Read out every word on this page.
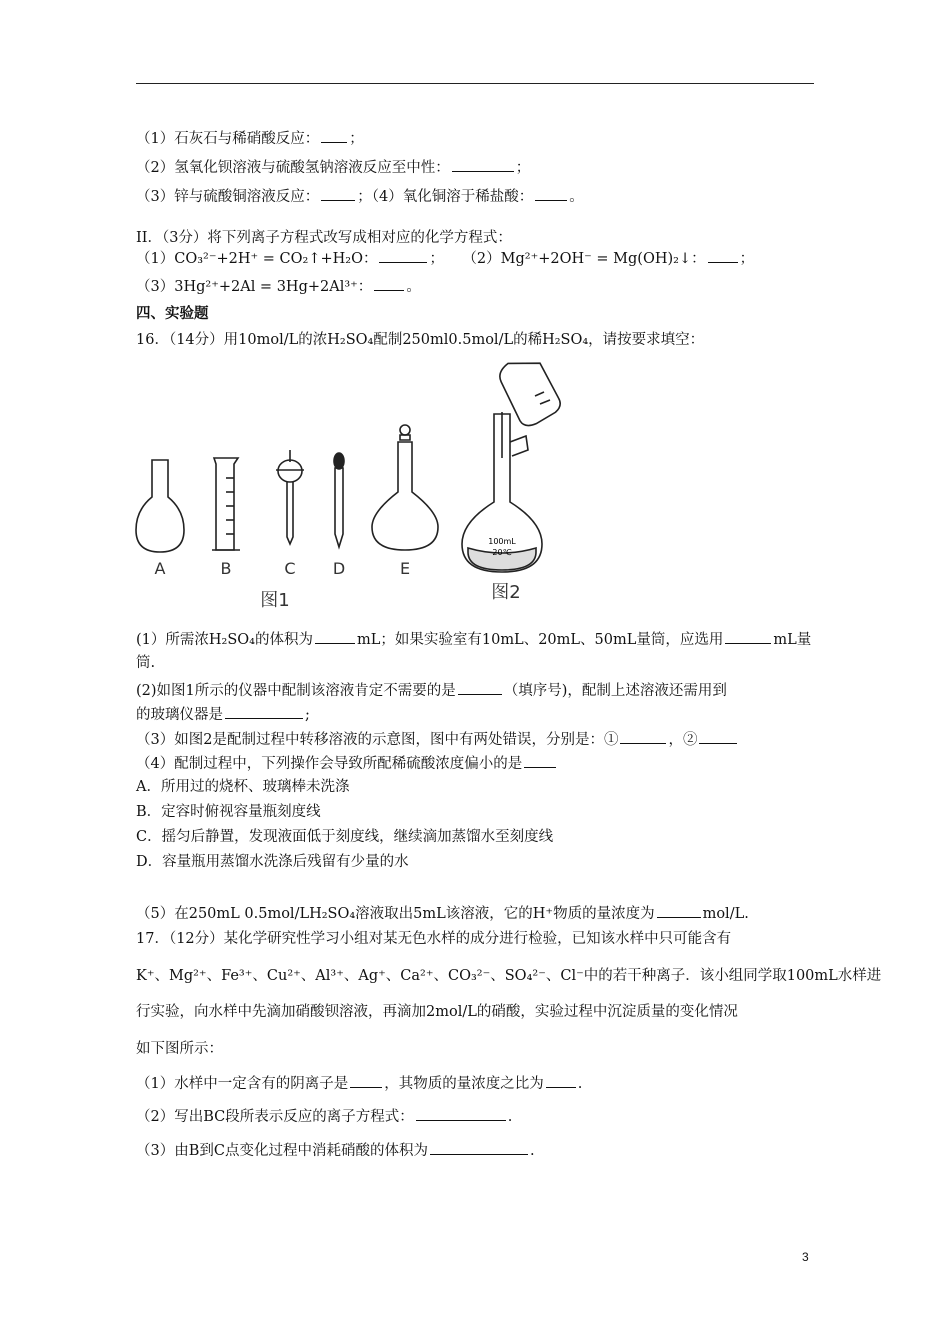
（1）石灰石与稀硝酸反应： ；
（2）氢氧化钡溶液与硫酸氢钠溶液反应至中性：	；
（3）锌与硫酸铜溶液反应：	；（4）氧化铜溶于稀盐酸： 。
II．（3分）将下列离子方程式改写成相对应的化学方程式：
（1）CO₃²⁻+2H⁺ = CO₂↑+H₂O：	； （2）Mg²⁺+2OH⁻ = Mg(OH)₂↓： ；
（3）3Hg²⁺+2Al = 3Hg+2Al³⁺： 。
四、实验题
16．（14分）用10mol/L的浓H₂SO₄配制250ml0.5mol/L的稀H₂SO₄，请按要求填空：
100mL
20℃
A	B	C D	E
图1	图2
(1）所需浓H₂SO₄的体积为	mL；如果实验室有10mL、20mL、50mL量筒，应选用	mL量
筒.
(2)如图1所示的仪器中配制该溶液肯定不需要的是	（填序号)，配制上述溶液还需用到
的玻璃仪器是	;
（3）如图2是配制过程中转移溶液的示意图，图中有两处错误，分别是：①	，②
（4）配制过程中，下列操作会导致所配稀硫酸浓度偏小的是
A．所用过的烧杯、玻璃棒未洗涤
B．定容时俯视容量瓶刻度线
C．摇匀后静置，发现液面低于刻度线，继续滴加蒸馏水至刻度线
D．容量瓶用蒸馏水洗涤后残留有少量的水
（5）在250mL 0.5mol/LH₂SO₄溶液取出5mL该溶液，它的H⁺物质的量浓度为	mol/L.
17．（12分）某化学研究性学习小组对某无色水样的成分进行检验，已知该水样中只可能含有
K⁺、Mg²⁺、Fe³⁺、Cu²⁺、Al³⁺、Ag⁺、Ca²⁺、CO₃²⁻、SO₄²⁻、Cl⁻中的若干种离子．该小组同学取100mL水样进
行实验，向水样中先滴加硝酸钡溶液，再滴加2mol/L的硝酸，实验过程中沉淀质量的变化情况
如下图所示：
（1）水样中一定含有的阴离子是 ，其物质的量浓度之比为 .
（2）写出BC段所表示反应的离子方程式：	.
（3）由B到C点变化过程中消耗硝酸的体积为	.
3
